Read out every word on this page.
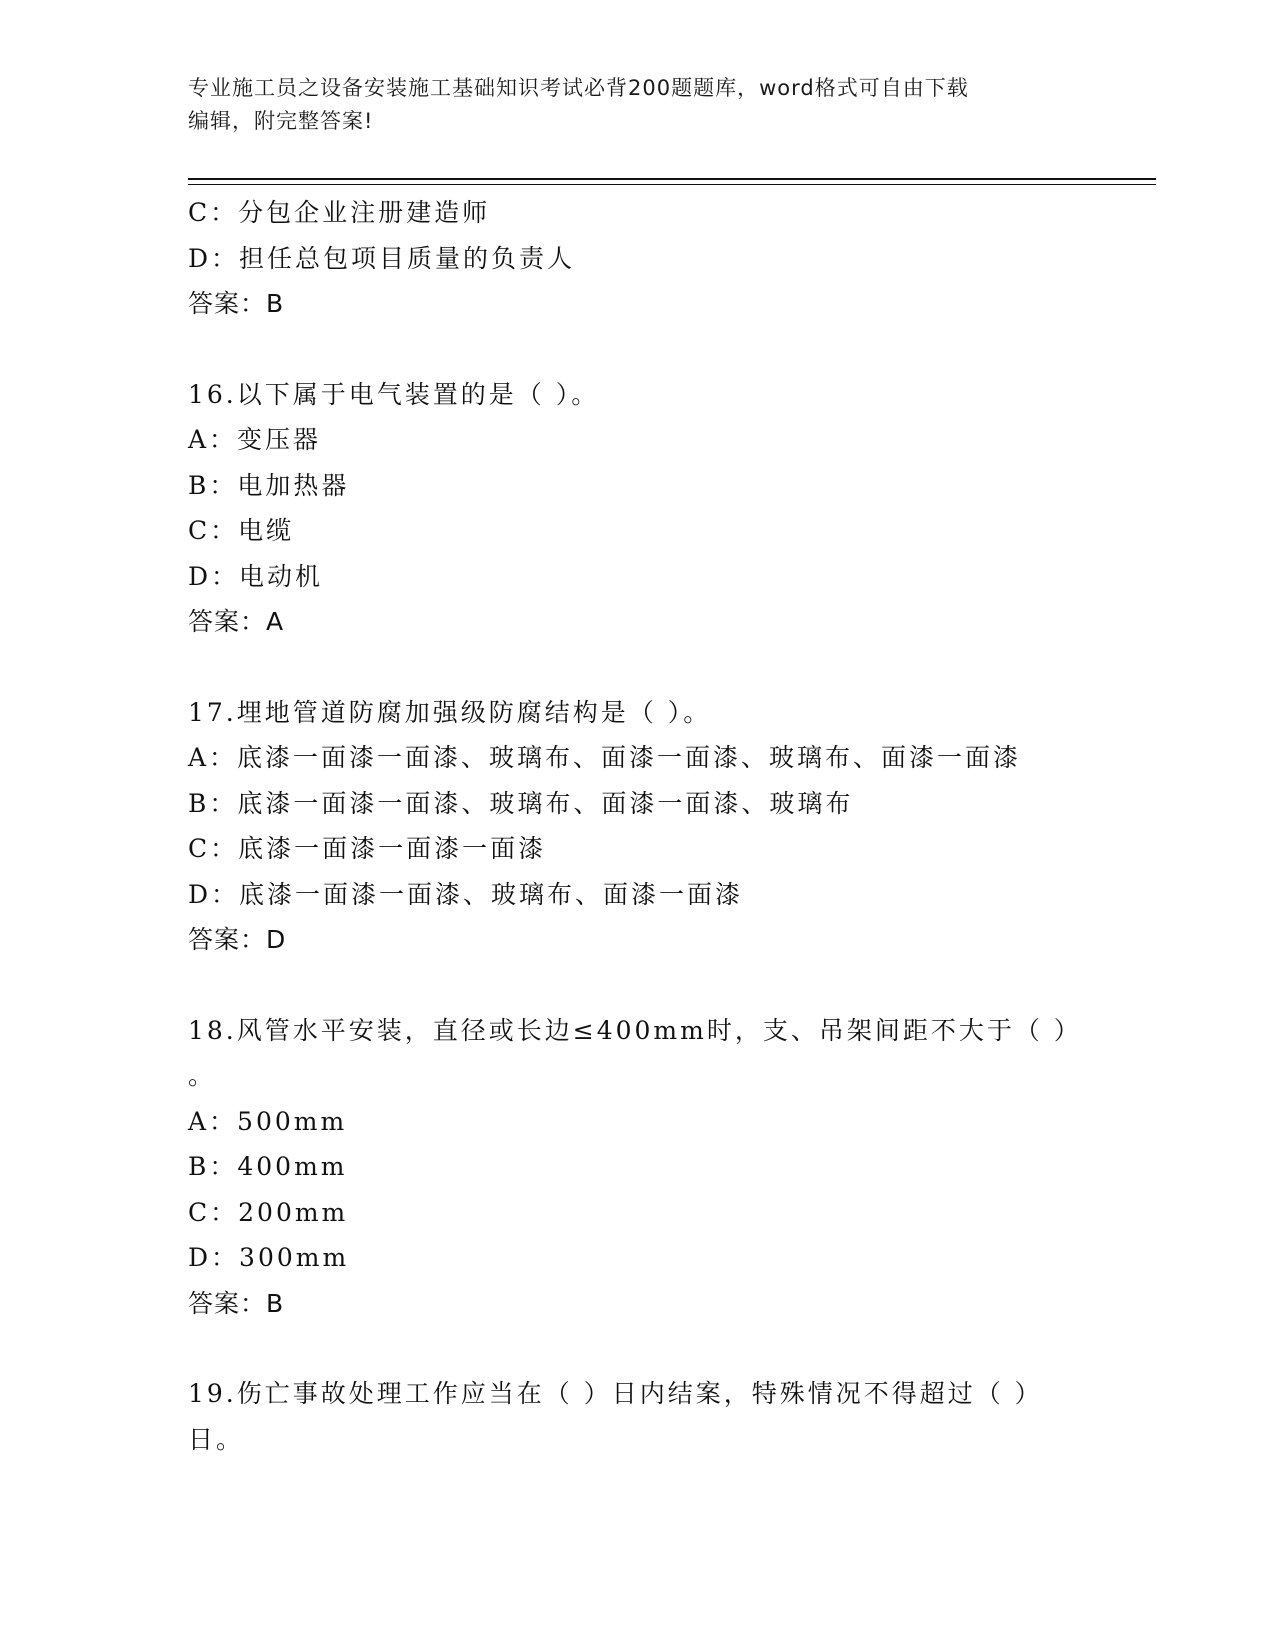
专业施工员之设备安装施工基础知识考试必背200题题库，word格式可自由下载
编辑，附完整答案!
C：分包企业注册建造师
D：担任总包项目质量的负责人
答案：B
16.以下属于电气装置的是（ ）。
A：变压器
B：电加热器
C：电缆
D：电动机
答案：A
17.埋地管道防腐加强级防腐结构是（ ）。
A：底漆一面漆一面漆、玻璃布、面漆一面漆、玻璃布、面漆一面漆
B：底漆一面漆一面漆、玻璃布、面漆一面漆、玻璃布
C：底漆一面漆一面漆一面漆
D：底漆一面漆一面漆、玻璃布、面漆一面漆
答案：D
18.风管水平安装，直径或长边≤400mm时，支、吊架间距不大于（ ）
。
A：500mm
B：400mm
C：200mm
D：300mm
答案：B
19.伤亡事故处理工作应当在（ ）日内结案，特殊情况不得超过（ ）
日。
